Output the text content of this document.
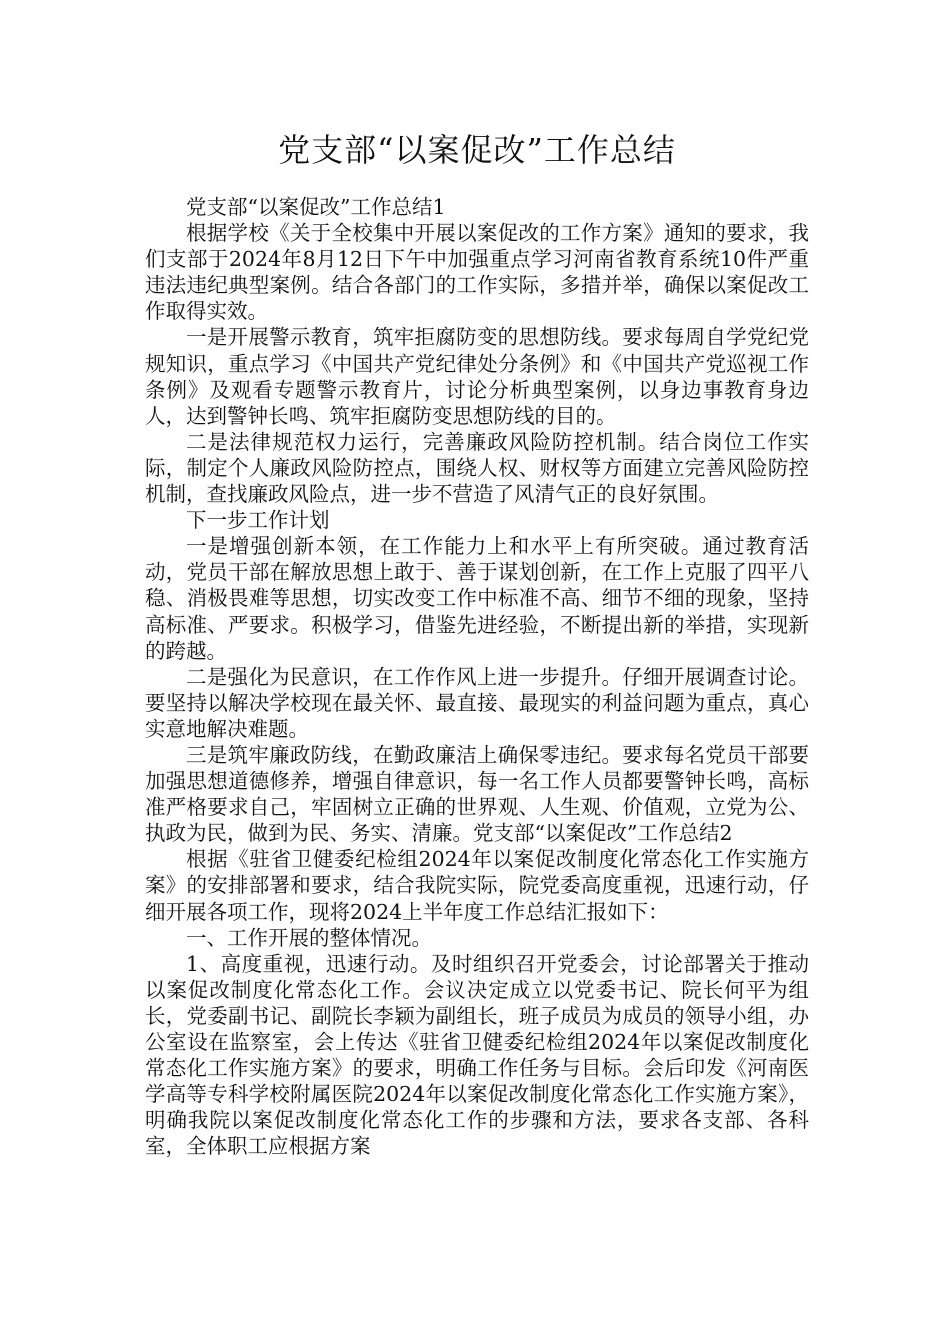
党支部“以案促改”工作总结

党支部“以案促改”工作总结1

根据学校《关于全校集中开展以案促改的工作方案》通知的要求，我们支部于2024年8月12日下午中加强重点学习河南省教育系统10件严重违法违纪典型案例。结合各部门的工作实际，多措并举，确保以案促改工作取得实效。

一是开展警示教育，筑牢拒腐防变的思想防线。要求每周自学党纪党规知识，重点学习《中国共产党纪律处分条例》和《中国共产党巡视工作条例》及观看专题警示教育片，讨论分析典型案例，以身边事教育身边人，达到警钟长鸣、筑牢拒腐防变思想防线的目的。

二是法律规范权力运行，完善廉政风险防控机制。结合岗位工作实际，制定个人廉政风险防控点，围绕人权、财权等方面建立完善风险防控机制，查找廉政风险点，进一步不营造了风清气正的良好氛围。

下一步工作计划

一是增强创新本领，在工作能力上和水平上有所突破。通过教育活动，党员干部在解放思想上敢于、善于谋划创新，在工作上克服了四平八稳、消极畏难等思想，切实改变工作中标准不高、细节不细的现象，坚持高标准、严要求。积极学习，借鉴先进经验，不断提出新的举措，实现新的跨越。

二是强化为民意识，在工作作风上进一步提升。仔细开展调查讨论。要坚持以解决学校现在最关怀、最直接、最现实的利益问题为重点，真心实意地解决难题。

三是筑牢廉政防线，在勤政廉洁上确保零违纪。要求每名党员干部要加强思想道德修养，增强自律意识，每一名工作人员都要警钟长鸣，高标准严格要求自己，牢固树立正确的世界观、人生观、价值观，立党为公、执政为民，做到为民、务实、清廉。党支部“以案促改”工作总结2

根据《驻省卫健委纪检组2024年以案促改制度化常态化工作实施方案》的安排部署和要求，结合我院实际，院党委高度重视，迅速行动，仔细开展各项工作，现将2024上半年度工作总结汇报如下：

一、工作开展的整体情况。

1、高度重视，迅速行动。及时组织召开党委会，讨论部署关于推动以案促改制度化常态化工作。会议决定成立以党委书记、院长何平为组长，党委副书记、副院长李颖为副组长，班子成员为成员的领导小组，办公室设在监察室，会上传达《驻省卫健委纪检组2024年以案促改制度化常态化工作实施方案》的要求，明确工作任务与目标。会后印发《河南医学高等专科学校附属医院2024年以案促改制度化常态化工作实施方案》，明确我院以案促改制度化常态化工作的步骤和方法，要求各支部、各科室，全体职工应根据方案
